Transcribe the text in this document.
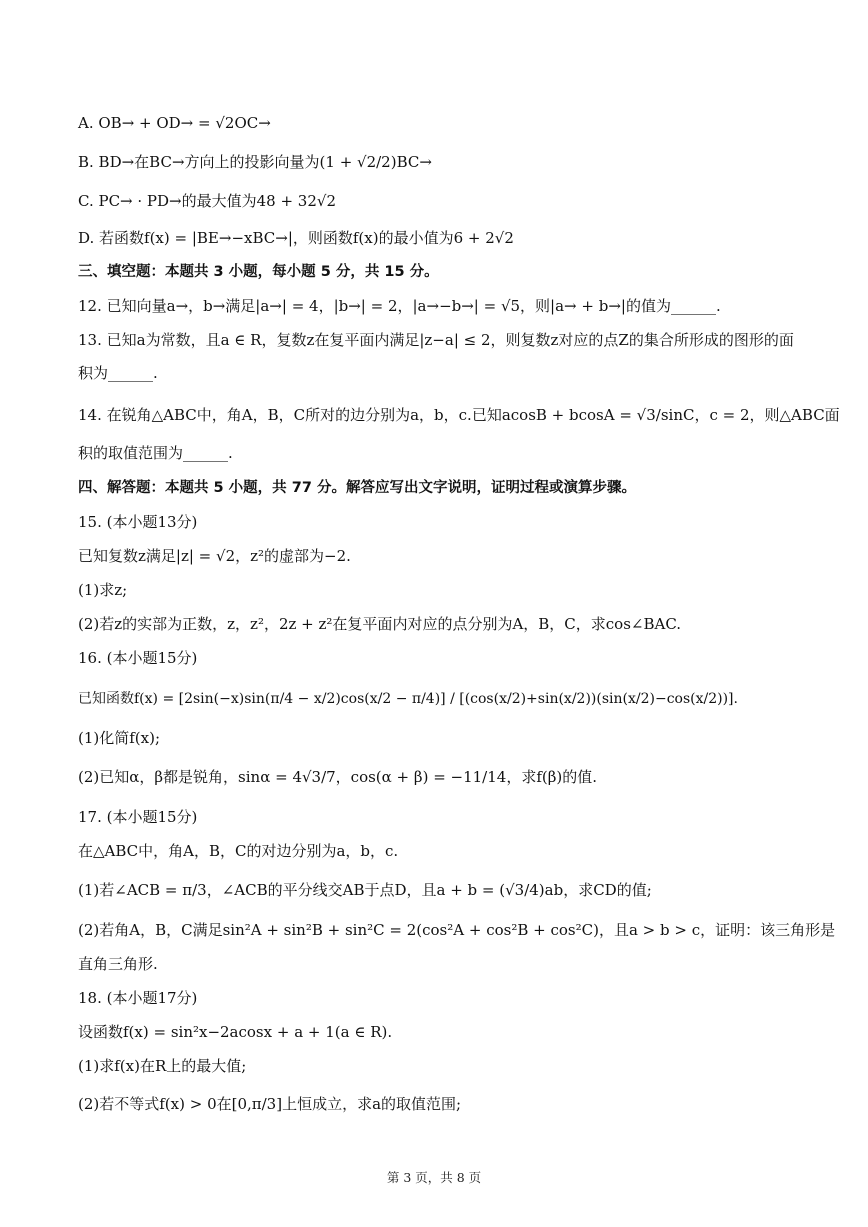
A. OB→ + OD→ = √2OC→
B. BD→在BC→方向上的投影向量为(1 + √2/2)BC→
C. PC→ · PD→的最大值为48 + 32√2
D. 若函数f(x) = |BE→−xBC→|，则函数f(x)的最小值为6 + 2√2
三、填空题：本题共 3 小题，每小题 5 分，共 15 分。
12. 已知向量a→，b→满足|a→| = 4，|b→| = 2，|a→−b→| = √5，则|a→ + b→|的值为______.
13. 已知a为常数，且a ∈ R，复数z在复平面内满足|z−a| ≤ 2，则复数z对应的点Z的集合所形成的图形的面
积为______.
14. 在锐角△ABC中，角A，B，C所对的边分别为a，b，c.已知acosB + bcosA = √3/sinC，c = 2，则△ABC面
积的取值范围为______.
四、解答题：本题共 5 小题，共 77 分。解答应写出文字说明，证明过程或演算步骤。
15. (本小题13分)
已知复数z满足|z| = √2，z²的虚部为−2.
(1)求z;
(2)若z的实部为正数，z，z²，2z + z²在复平面内对应的点分别为A，B，C，求cos∠BAC.
16. (本小题15分)
已知函数f(x) = [2sin(−x)sin(π/4 − x/2)cos(x/2 − π/4)] / [(cos(x/2)+sin(x/2))(sin(x/2)−cos(x/2))].
(1)化简f(x);
(2)已知α，β都是锐角，sinα = 4√3/7，cos(α + β) = −11/14，求f(β)的值.
17. (本小题15分)
在△ABC中，角A，B，C的对边分别为a，b，c.
(1)若∠ACB = π/3，∠ACB的平分线交AB于点D，且a + b = (√3/4)ab，求CD的值;
(2)若角A，B，C满足sin²A + sin²B + sin²C = 2(cos²A + cos²B + cos²C)，且a > b > c，证明：该三角形是
直角三角形.
18. (本小题17分)
设函数f(x) = sin²x−2acosx + a + 1(a ∈ R).
(1)求f(x)在R上的最大值;
(2)若不等式f(x) > 0在[0,π/3]上恒成立，求a的取值范围;
第 3 页，共 8 页
